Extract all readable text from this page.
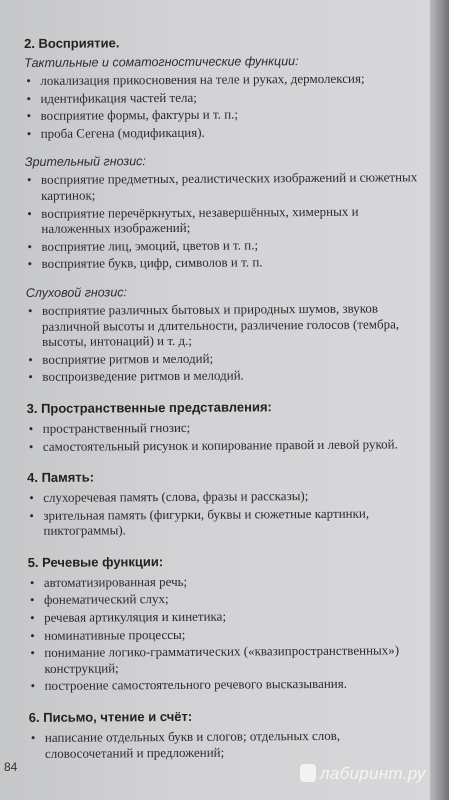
2. Восприятие.
Тактильные и соматогностические функции:
• локализация прикосновения на теле и руках, дермолексия;
• идентификация частей тела;
• восприятие формы, фактуры и т. п.;
• проба Сегена (модификация).
Зрительный гнозис:
• восприятие предметных, реалистических изображений и сюжетных картинок;
• восприятие перечёркнутых, незавершённых, химерных и наложенных изображений;
• восприятие лиц, эмоций, цветов и т. п.;
• восприятие букв, цифр, символов и т. п.
Слуховой гнозис:
• восприятие различных бытовых и природных шумов, звуков различной высоты и длительности, различение голосов (тембра, высоты, интонаций) и т. д.;
• восприятие ритмов и мелодий;
• воспроизведение ритмов и мелодий.
3. Пространственные представления:
• пространственный гнозис;
• самостоятельный рисунок и копирование правой и левой рукой.
4. Память:
• слухоречевая память (слова, фразы и рассказы);
• зрительная память (фигурки, буквы и сюжетные картинки, пиктограммы).
5. Речевые функции:
• автоматизированная речь;
• фонематический слух;
• речевая артикуляция и кинетика;
• номинативные процессы;
• понимание логико-грамматических («квазипространственных») конструкций;
• построение самостоятельного речевого высказывания.
6. Письмо, чтение и счёт:
• написание отдельных букв и слогов; отдельных слов, словосочетаний и предложений;
84	лабиринт.ру
